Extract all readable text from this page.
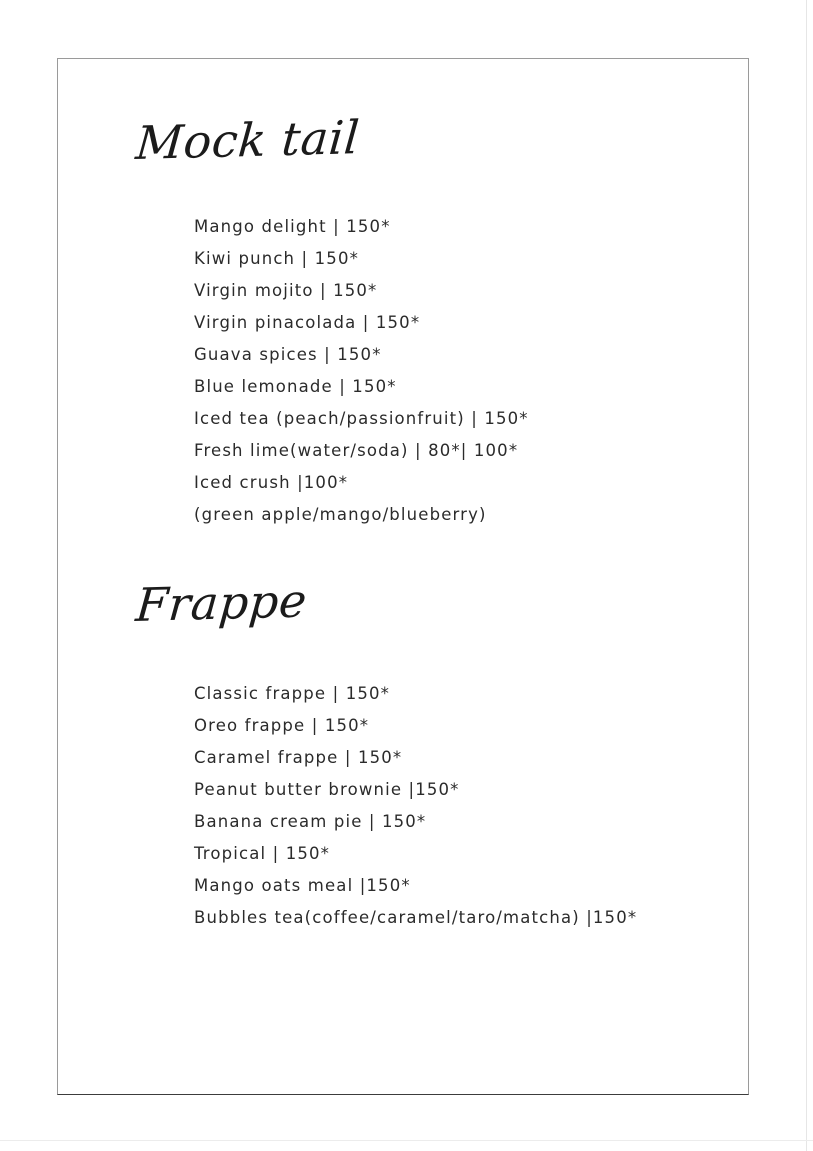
Mock tail
Mango delight | 150*
Kiwi punch | 150*
Virgin mojito | 150*
Virgin pinacolada | 150*
Guava spices | 150*
Blue lemonade | 150*
Iced tea (peach/passionfruit) | 150*
Fresh lime(water/soda) | 80*| 100*
Iced crush |100*
(green apple/mango/blueberry)
Frappe
Classic frappe | 150*
Oreo frappe | 150*
Caramel frappe | 150*
Peanut butter brownie |150*
Banana cream pie | 150*
Tropical | 150*
Mango oats meal |150*
Bubbles tea(coffee/caramel/taro/matcha) |150*
